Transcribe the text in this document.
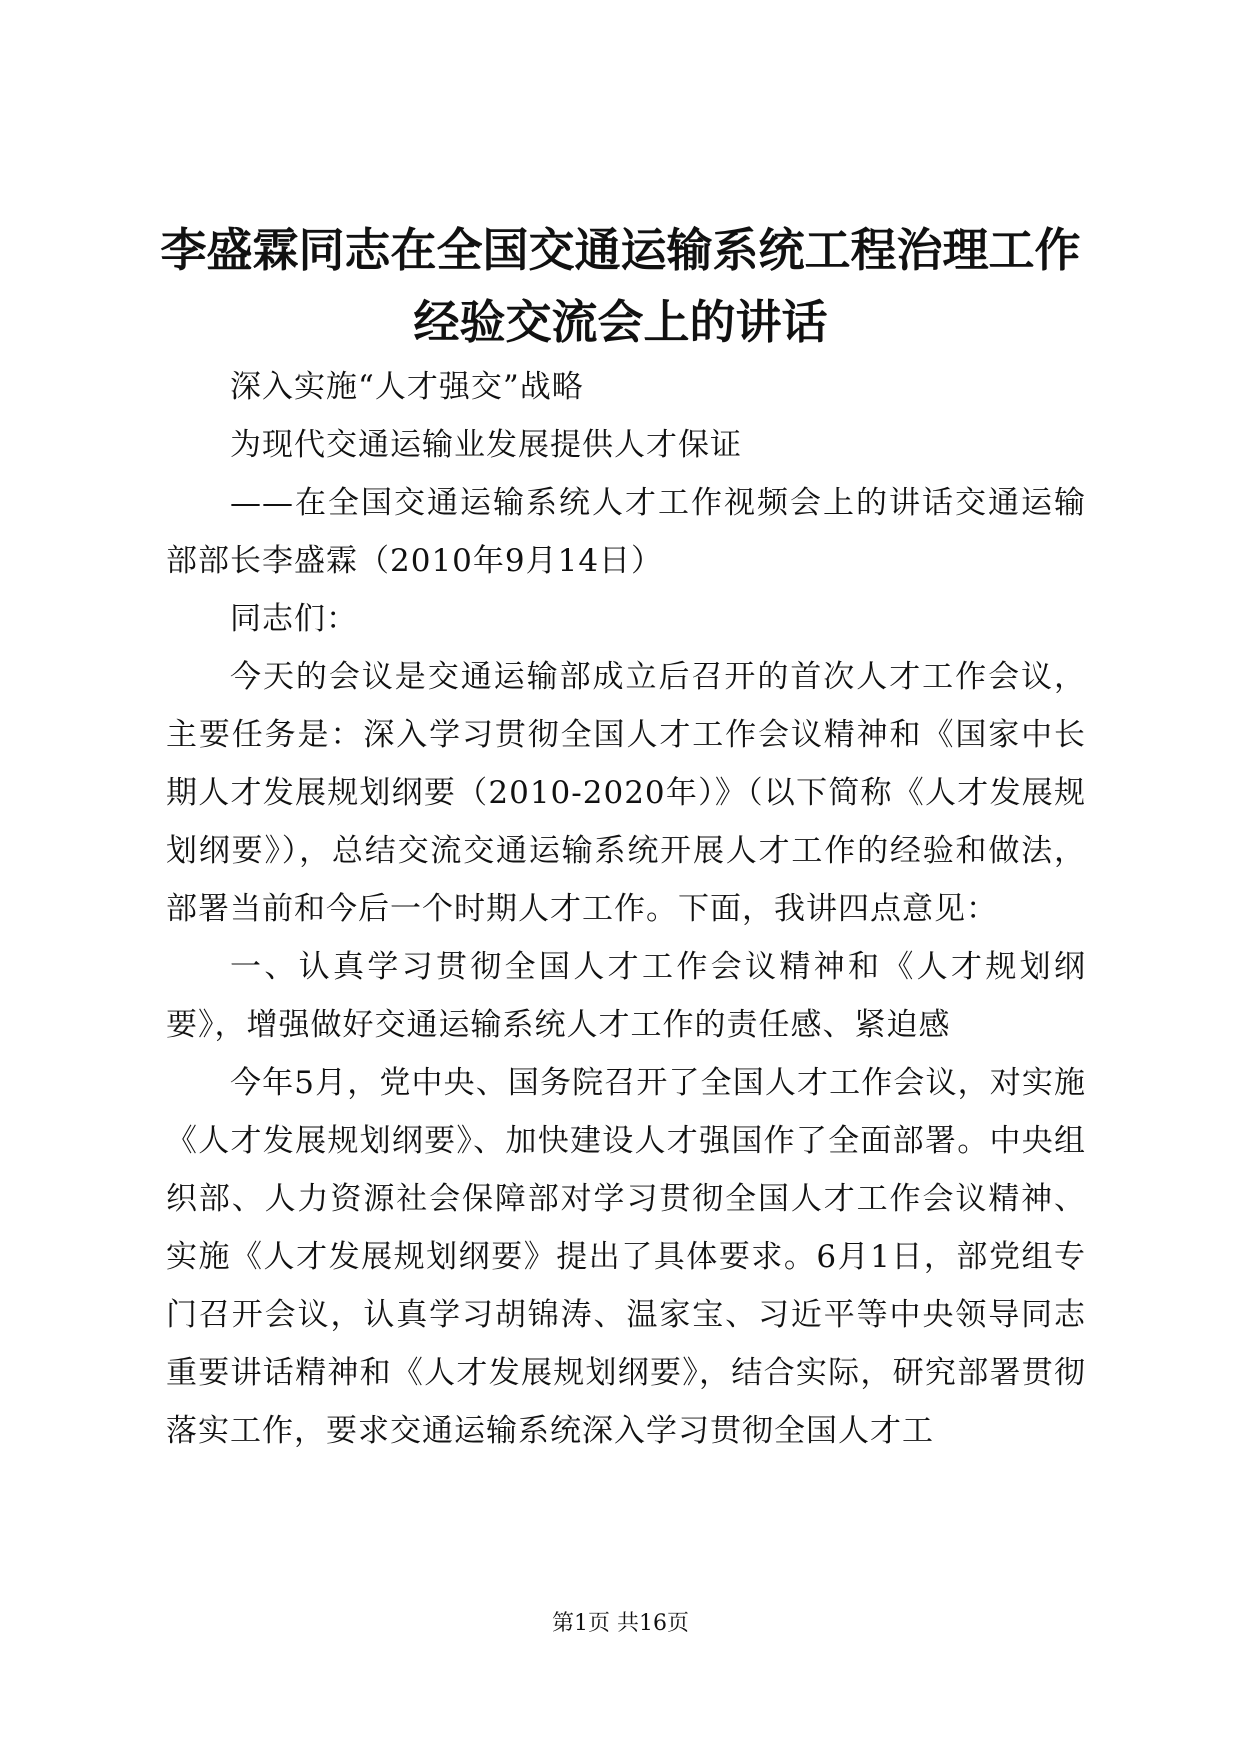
李盛霖同志在全国交通运输系统工程治理工作
经验交流会上的讲话

深入实施“人才强交”战略

为现代交通运输业发展提供人才保证

——在全国交通运输系统人才工作视频会上的讲话交通运输部部长李盛霖（2010年9月14日）

同志们：

今天的会议是交通运输部成立后召开的首次人才工作会议，主要任务是：深入学习贯彻全国人才工作会议精神和《国家中长期人才发展规划纲要（2010-2020年）》（以下简称《人才发展规划纲要》），总结交流交通运输系统开展人才工作的经验和做法，部署当前和今后一个时期人才工作。下面，我讲四点意见：

一、认真学习贯彻全国人才工作会议精神和《人才规划纲要》，增强做好交通运输系统人才工作的责任感、紧迫感

今年5月，党中央、国务院召开了全国人才工作会议，对实施《人才发展规划纲要》、加快建设人才强国作了全面部署。中央组织部、人力资源社会保障部对学习贯彻全国人才工作会议精神、实施《人才发展规划纲要》提出了具体要求。6月1日，部党组专门召开会议，认真学习胡锦涛、温家宝、习近平等中央领导同志重要讲话精神和《人才发展规划纲要》，结合实际，研究部署贯彻落实工作，要求交通运输系统深入学习贯彻全国人才工

第1页 共16页
